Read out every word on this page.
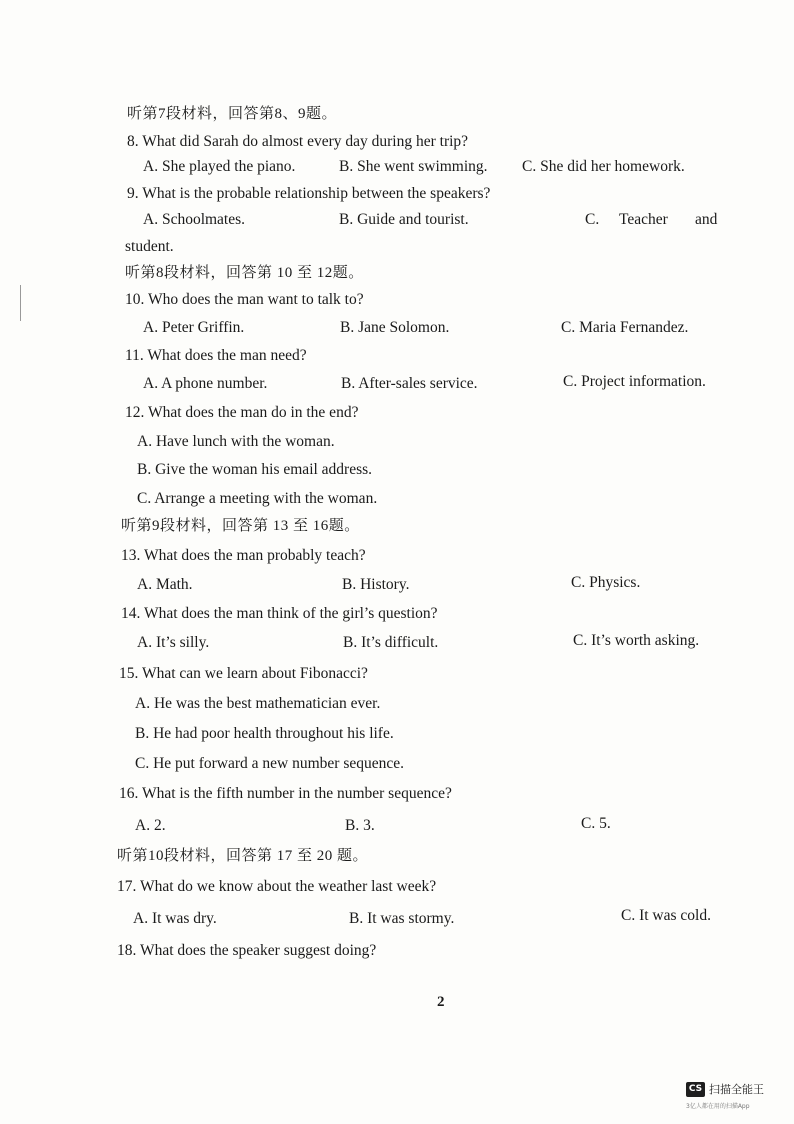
听第7段材料，回答第8、9题。
8. What did Sarah do almost every day during her trip?
A. She played the piano.	B. She went swimming. C. She did her homework.
9. What is the probable relationship between the speakers?
A. Schoolmates.	B. Guide and tourist.	C. Teacher and
student.
听第8段材料，回答第 10 至 12题。
10. Who does the man want to talk to?
A. Peter Griffin.	B. Jane Solomon.	C. Maria Fernandez.
11. What does the man need?
A. A phone number.	B. After-sales service.	C. Project information.
12. What does the man do in the end?
A. Have lunch with the woman.
B. Give the woman his email address.
C. Arrange a meeting with the woman.
听第9段材料，回答第 13 至 16题。
13. What does the man probably teach?
A. Math.	B. History.	C. Physics.
14. What does the man think of the girl’s question?
A. It’s silly.	B. It’s difficult.	C. It’s worth asking.
15. What can we learn about Fibonacci?
A. He was the best mathematician ever.
B. He had poor health throughout his life.
C. He put forward a new number sequence.
16. What is the fifth number in the number sequence?
A. 2.	B. 3.	C. 5.
听第10段材料，回答第 17 至 20 题。
17. What do we know about the weather last week?
A. It was dry.	B. It was stormy.	C. It was cold.
18. What does the speaker suggest doing?
2
CS 扫描全能王
3亿人都在用的扫描App
